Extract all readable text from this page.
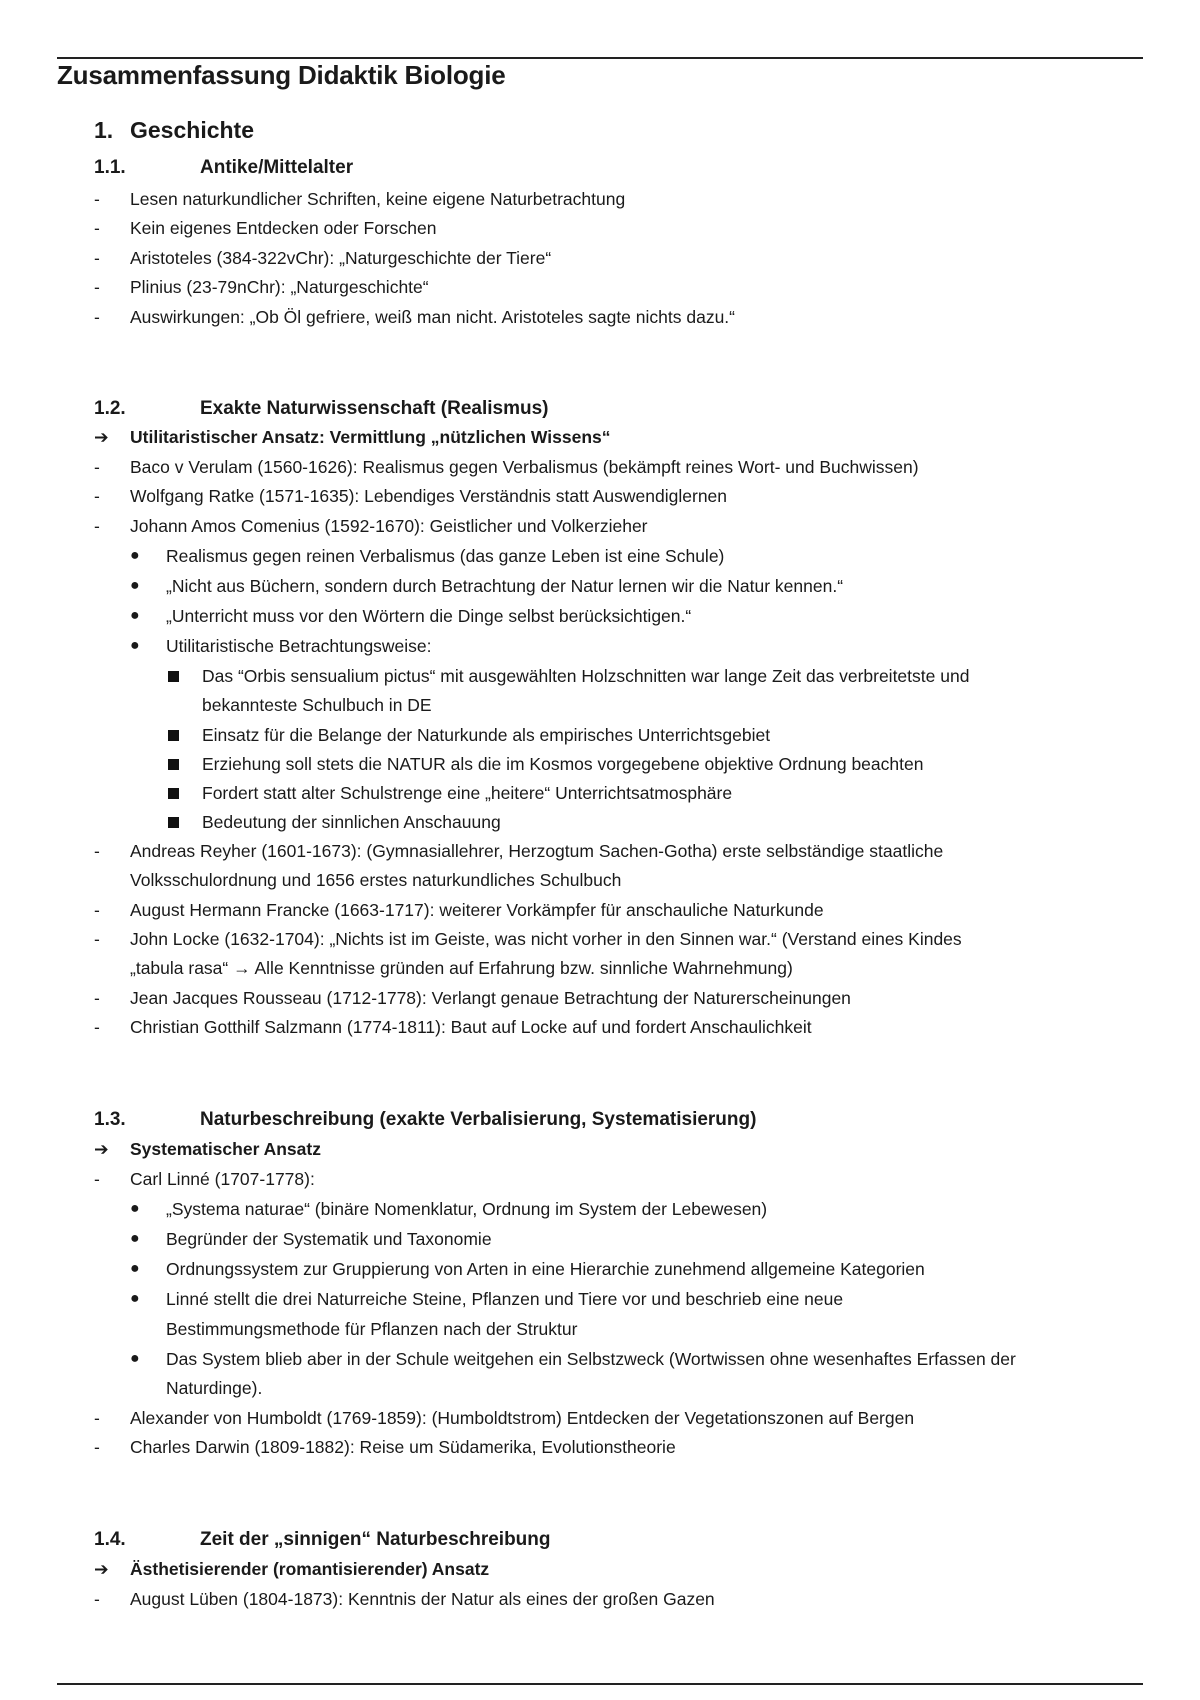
Zusammenfassung Didaktik Biologie
1. Geschichte
1.1.	Antike/Mittelalter
- Lesen naturkundlicher Schriften, keine eigene Naturbetrachtung
- Kein eigenes Entdecken oder Forschen
- Aristoteles (384-322vChr): „Naturgeschichte der Tiere“
- Plinius (23-79nChr): „Naturgeschichte“
- Auswirkungen: „Ob Öl gefriere, weiß man nicht. Aristoteles sagte nichts dazu.“
1.2.	Exakte Naturwissenschaft (Realismus)
➔ Utilitaristischer Ansatz: Vermittlung „nützlichen Wissens“
- Baco v Verulam (1560-1626): Realismus gegen Verbalismus (bekämpft reines Wort- und Buchwissen)
- Wolfgang Ratke (1571-1635): Lebendiges Verständnis statt Auswendiglernen
- Johann Amos Comenius (1592-1670): Geistlicher und Volkerzieher
● Realismus gegen reinen Verbalismus (das ganze Leben ist eine Schule)
● „Nicht aus Büchern, sondern durch Betrachtung der Natur lernen wir die Natur kennen.“
● „Unterricht muss vor den Wörtern die Dinge selbst berücksichtigen.“
● Utilitaristische Betrachtungsweise:
Das “Orbis sensualium pictus“ mit ausgewählten Holzschnitten war lange Zeit das verbreitetste und
bekannteste Schulbuch in DE
Einsatz für die Belange der Naturkunde als empirisches Unterrichtsgebiet
Erziehung soll stets die NATUR als die im Kosmos vorgegebene objektive Ordnung beachten
Fordert statt alter Schulstrenge eine „heitere“ Unterrichtsatmosphäre
Bedeutung der sinnlichen Anschauung
- Andreas Reyher (1601-1673): (Gymnasiallehrer, Herzogtum Sachen-Gotha) erste selbständige staatliche
Volksschulordnung und 1656 erstes naturkundliches Schulbuch
- August Hermann Francke (1663-1717): weiterer Vorkämpfer für anschauliche Naturkunde
- John Locke (1632-1704): „Nichts ist im Geiste, was nicht vorher in den Sinnen war.“ (Verstand eines Kindes
„tabula rasa“ → Alle Kenntnisse gründen auf Erfahrung bzw. sinnliche Wahrnehmung)
- Jean Jacques Rousseau (1712-1778): Verlangt genaue Betrachtung der Naturerscheinungen
- Christian Gotthilf Salzmann (1774-1811): Baut auf Locke auf und fordert Anschaulichkeit
1.3.	Naturbeschreibung (exakte Verbalisierung, Systematisierung)
➔ Systematischer Ansatz
- Carl Linné (1707-1778):
● „Systema naturae“ (binäre Nomenklatur, Ordnung im System der Lebewesen)
● Begründer der Systematik und Taxonomie
● Ordnungssystem zur Gruppierung von Arten in eine Hierarchie zunehmend allgemeine Kategorien
● Linné stellt die drei Naturreiche Steine, Pflanzen und Tiere vor und beschrieb eine neue
Bestimmungsmethode für Pflanzen nach der Struktur
● Das System blieb aber in der Schule weitgehen ein Selbstzweck (Wortwissen ohne wesenhaftes Erfassen der
Naturdinge).
- Alexander von Humboldt (1769-1859): (Humboldtstrom) Entdecken der Vegetationszonen auf Bergen
- Charles Darwin (1809-1882): Reise um Südamerika, Evolutionstheorie
1.4.	Zeit der „sinnigen“ Naturbeschreibung
➔ Ästhetisierender (romantisierender) Ansatz
- August Lüben (1804-1873): Kenntnis der Natur als eines der großen Gazen
